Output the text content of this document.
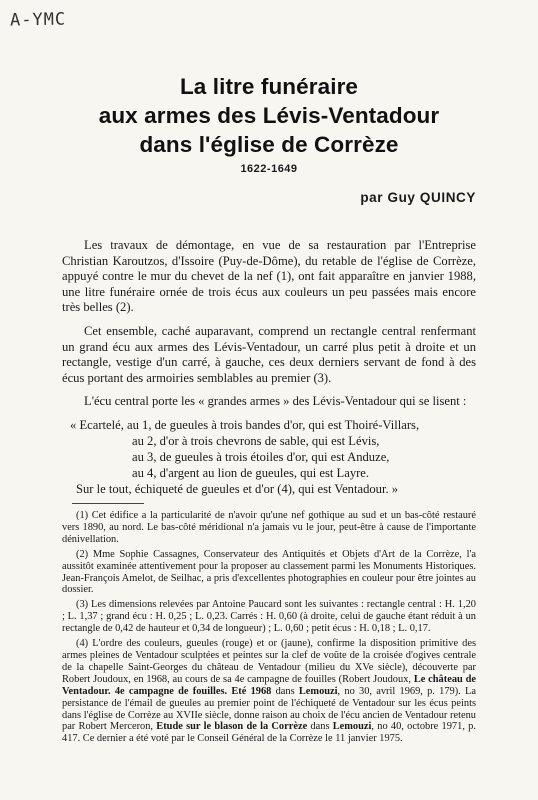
A-YMC
La litre funéraire
aux armes des Lévis-Ventadour
dans l'église de Corrèze
1622-1649
par Guy QUINCY

Les travaux de démontage, en vue de sa restauration par l'Entreprise Christian Karoutzos, d'Issoire (Puy-de-Dôme), du retable de l'église de Corrèze, appuyé contre le mur du chevet de la nef (1), ont fait apparaître en janvier 1988, une litre funéraire ornée de trois écus aux couleurs un peu passées mais encore très belles (2).

Cet ensemble, caché auparavant, comprend un rectangle central renfermant un grand écu aux armes des Lévis-Ventadour, un carré plus petit à droite et un rectangle, vestige d'un carré, à gauche, ces deux derniers servant de fond à des écus portant des armoiries semblables au premier (3).

L'écu central porte les « grandes armes » des Lévis-Ventadour qui se lisent :

« Ecartelé, au 1, de gueules à trois bandes d'or, qui est Thoiré-Villars,
au 2, d'or à trois chevrons de sable, qui est Lévis,
au 3, de gueules à trois étoiles d'or, qui est Anduze,
au 4, d'argent au lion de gueules, qui est Layre.
Sur le tout, échiqueté de gueules et d'or (4), qui est Ventadour. »

(1) Cet édifice a la particularité de n'avoir qu'une nef gothique au sud et un bas-côté restauré vers 1890, au nord. Le bas-côté méridional n'a jamais vu le jour, peut-être à cause de l'importante dénivellation.

(2) Mme Sophie Cassagnes, Conservateur des Antiquités et Objets d'Art de la Corrèze, l'a aussitôt examinée attentivement pour la proposer au classement parmi les Monuments Historiques. Jean-François Amelot, de Seilhac, a pris d'excellentes photographies en couleur pour être jointes au dossier.

(3) Les dimensions relevées par Antoine Paucard sont les suivantes : rectangle central : H. 1,20 ; L. 1,37 ; grand écu : H. 0,25 ; L. 0,23. Carrés : H. 0,60 (à droite, celui de gauche étant réduit à un rectangle de 0,42 de hauteur et 0,34 de longueur) ; L. 0,60 ; petit écus : H. 0,18 ; L. 0,17.

(4) L'ordre des couleurs, gueules (rouge) et or (jaune), confirme la disposition primitive des armes pleines de Ventadour sculptées et peintes sur la clef de voûte de la croisée d'ogives centrale de la chapelle Saint-Georges du château de Ventadour (milieu du XVe siècle), découverte par Robert Joudoux, en 1968, au cours de sa 4e campagne de fouilles (Robert Joudoux, Le château de Ventadour. 4e campagne de fouilles. Eté 1968 dans Lemouzi, no 30, avril 1969, p. 179). La persistance de l'émail de gueules au premier point de l'échiqueté de Ventadour sur les écus peints dans l'église de Corrèze au XVIIe siècle, donne raison au choix de l'écu ancien de Ventadour retenu par Robert Merceron, Etude sur le blason de la Corrèze dans Lemouzi, no 40, octobre 1971, p. 417. Ce dernier a été voté par le Conseil Général de la Corrèze le 11 janvier 1975.
